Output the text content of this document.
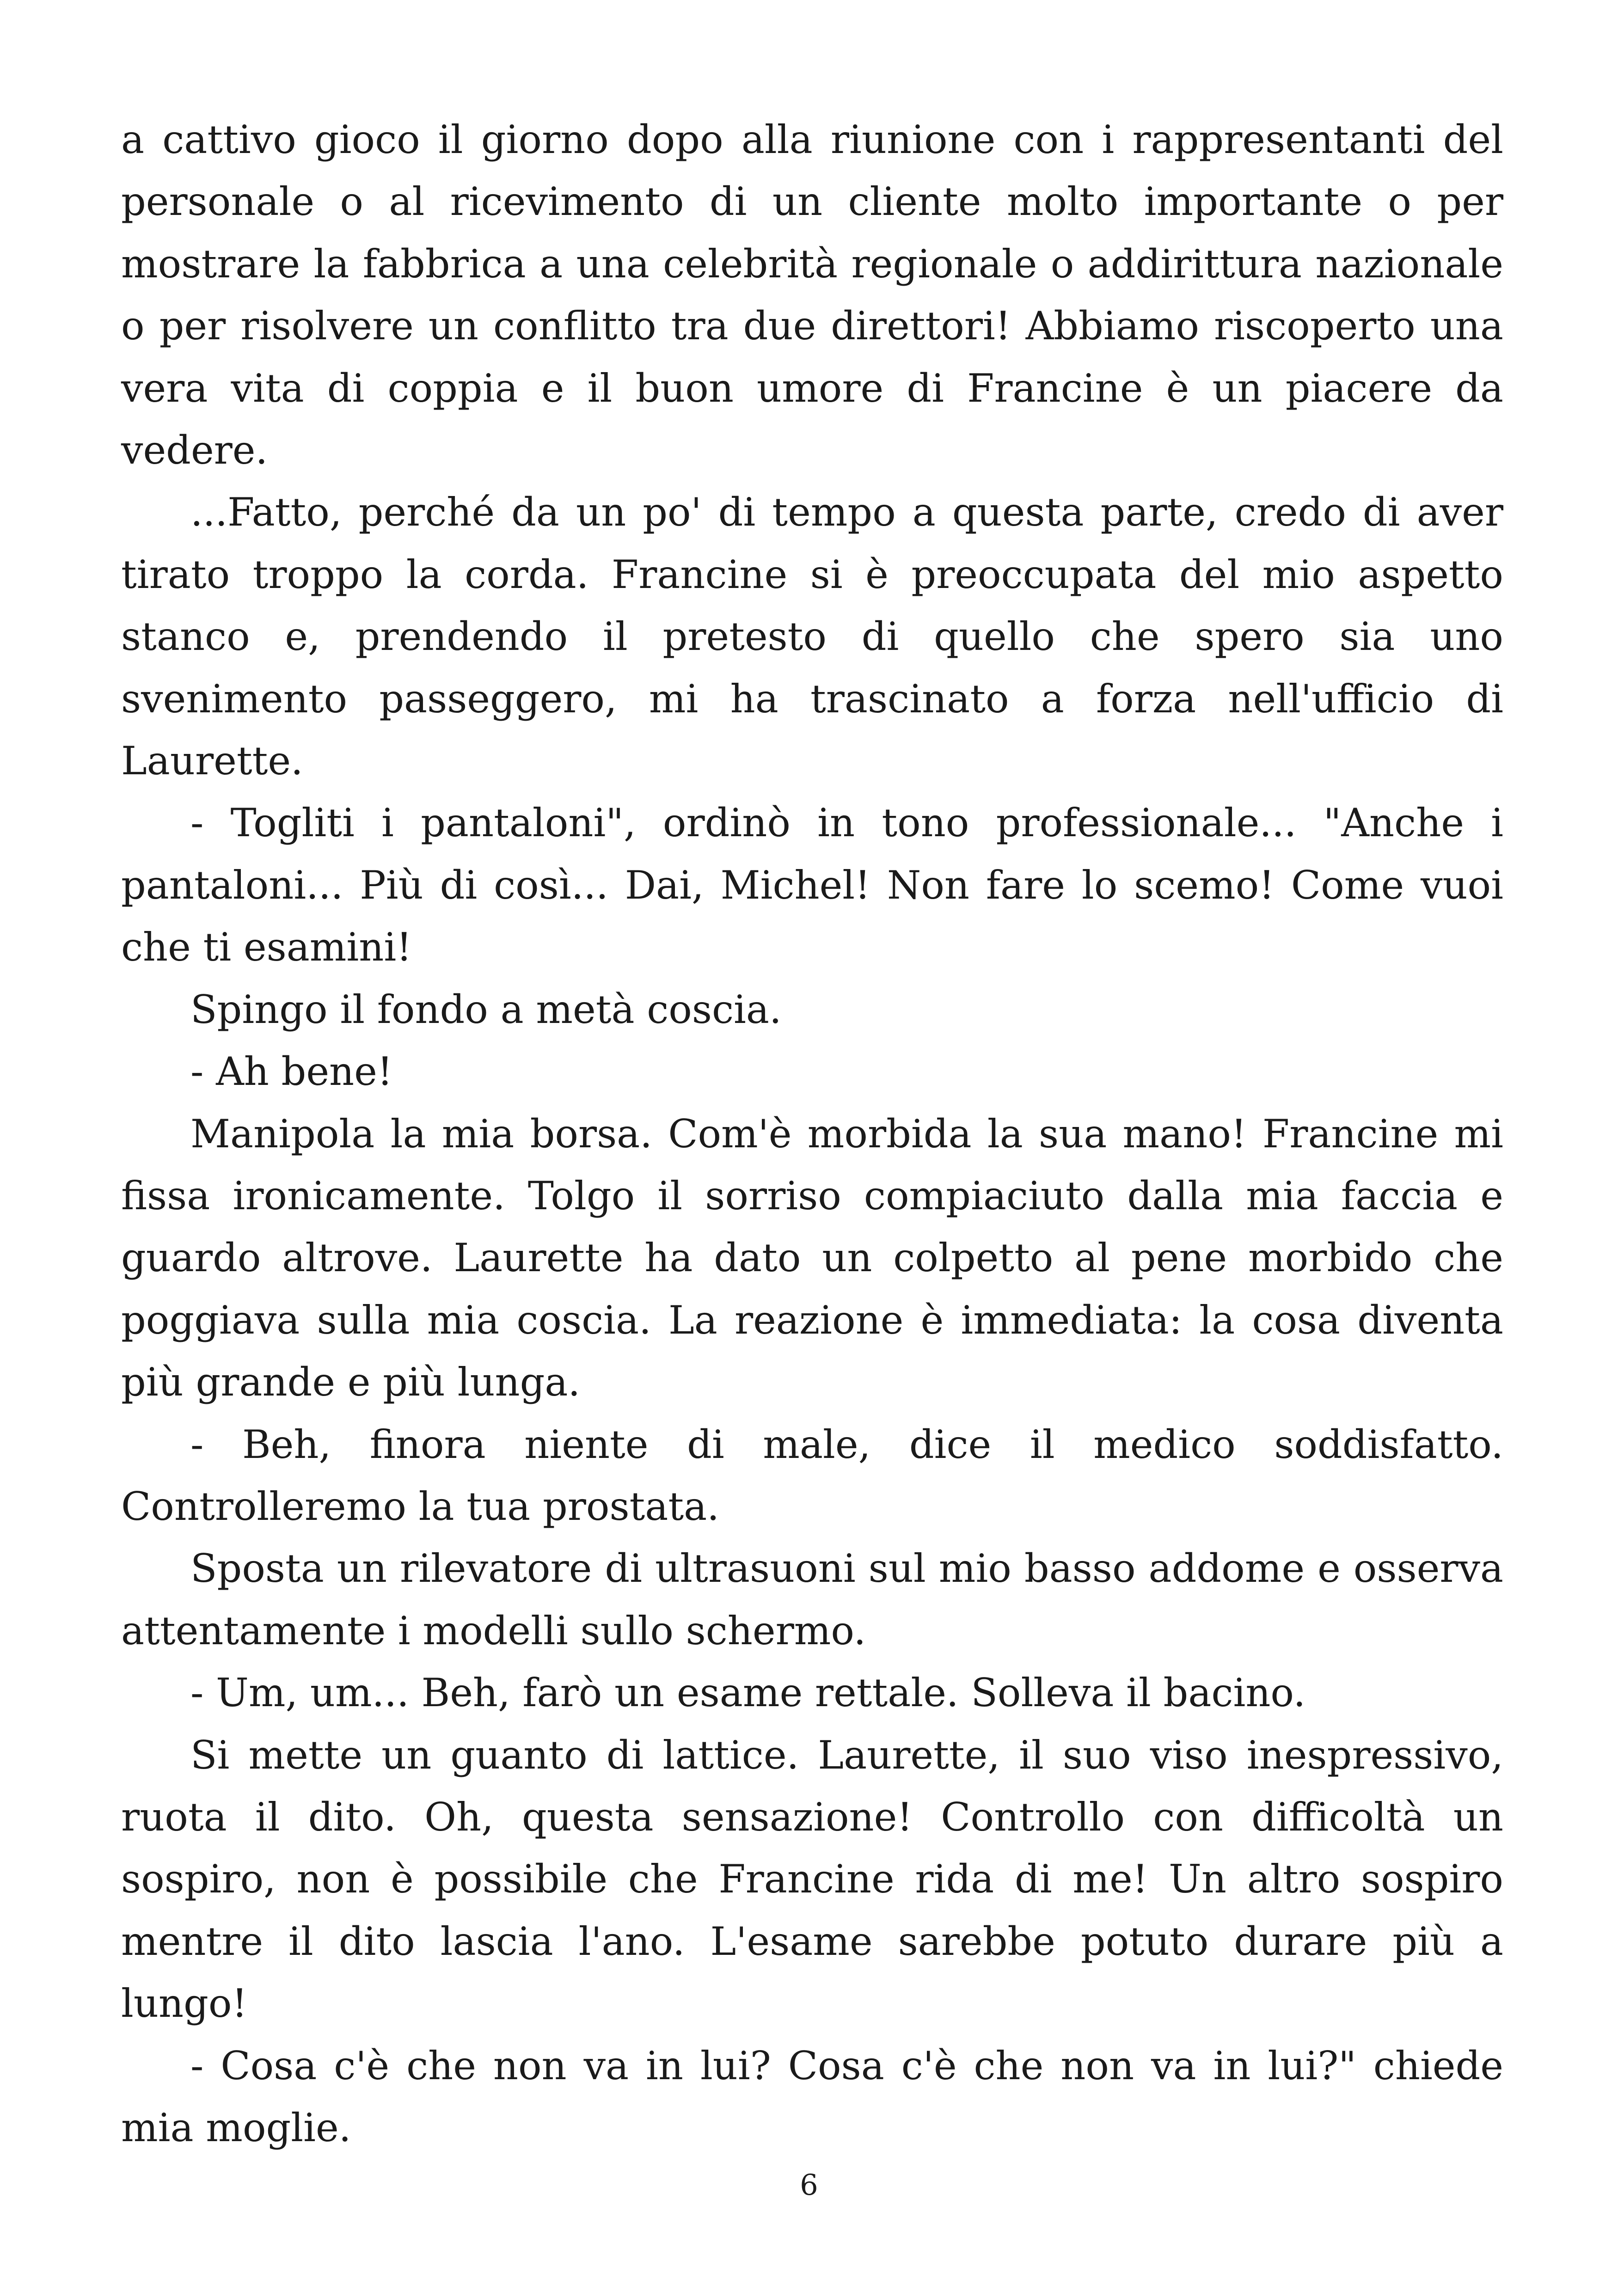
a cattivo gioco il giorno dopo alla riunione con i rappresentanti del personale o al ricevimento di un cliente molto importante o per mostrare la fabbrica a una celebrità regionale o addirittura nazionale o per risolvere un conflitto tra due direttori! Abbiamo riscoperto una vera vita di coppia e il buon umore di Francine è un piacere da vedere.

...Fatto, perché da un po' di tempo a questa parte, credo di aver tirato troppo la corda. Francine si è preoccupata del mio aspetto stanco e, prendendo il pretesto di quello che spero sia uno svenimento passeggero, mi ha trascinato a forza nell'ufficio di Laurette.

- Togliti i pantaloni", ordinò in tono professionale... "Anche i pantaloni... Più di così... Dai, Michel! Non fare lo scemo! Come vuoi che ti esamini!

Spingo il fondo a metà coscia.

- Ah bene!

Manipola la mia borsa. Com'è morbida la sua mano! Francine mi fissa ironicamente. Tolgo il sorriso compiaciuto dalla mia faccia e guardo altrove. Laurette ha dato un colpetto al pene morbido che poggiava sulla mia coscia. La reazione è immediata: la cosa diventa più grande e più lunga.

- Beh, finora niente di male, dice il medico soddisfatto. Controlleremo la tua prostata.

Sposta un rilevatore di ultrasuoni sul mio basso addome e osserva attentamente i modelli sullo schermo.

- Um, um... Beh, farò un esame rettale. Solleva il bacino.

Si mette un guanto di lattice. Laurette, il suo viso inespressivo, ruota il dito. Oh, questa sensazione! Controllo con difficoltà un sospiro, non è possibile che Francine rida di me! Un altro sospiro mentre il dito lascia l'ano. L'esame sarebbe potuto durare più a lungo!

- Cosa c'è che non va in lui? Cosa c'è che non va in lui?" chiede mia moglie.

6
